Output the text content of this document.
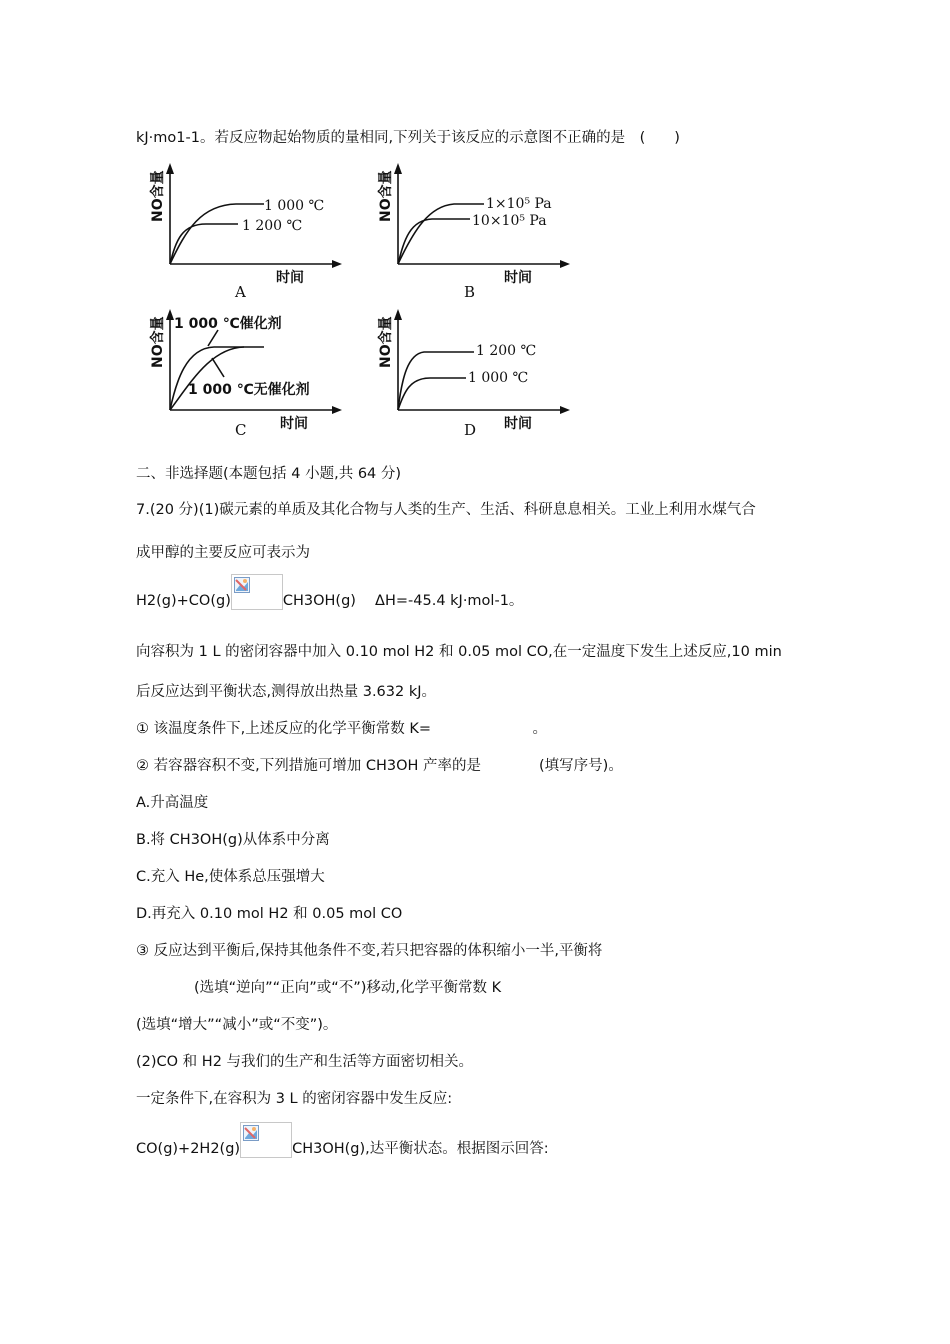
kJ·mo1-1。若反应物起始物质的量相同,下列关于该反应的示意图不正确的是　(　　)
NO含量	1 000 ℃
1 200 ℃
时间
A
NO含量	1×10⁵ Pa
10×10⁵ Pa
时间
B
NO含量 1 000 ℃催化剂
1 000 ℃无催化剂
时间
C
NO含量	1 200 ℃
1 000 ℃
时间
D
二、非选择题(本题包括 4 小题,共 64 分)
7.(20 分)(1)碳元素的单质及其化合物与人类的生产、生活、科研息息相关。工业上利用水煤气合
成甲醇的主要反应可表示为
H2(g)+CO(g)	CH3OH(g)　 ΔH=-45.4 kJ·mol-1。
向容积为 1 L 的密闭容器中加入 0.10 mol H2 和 0.05 mol CO,在一定温度下发生上述反应,10 min
后反应达到平衡状态,测得放出热量 3.632 kJ。
① 该温度条件下,上述反应的化学平衡常数 K=　　　　　　　。
② 若容器容积不变,下列措施可增加 CH3OH 产率的是　　　　(填写序号)。
A.升高温度
B.将 CH3OH(g)从体系中分离
C.充入 He,使体系总压强增大
D.再充入 0.10 mol H2 和 0.05 mol CO
③ 反应达到平衡后,保持其他条件不变,若只把容器的体积缩小一半,平衡将
　　　　(选填“逆向”“正向”或“不”)移动,化学平衡常数 K
(选填“增大”“减小”或“不变”)。
(2)CO 和 H2 与我们的生产和生活等方面密切相关。
一定条件下,在容积为 3 L 的密闭容器中发生反应:
CO(g)+2H2(g)	CH3OH(g),达平衡状态。根据图示回答:
